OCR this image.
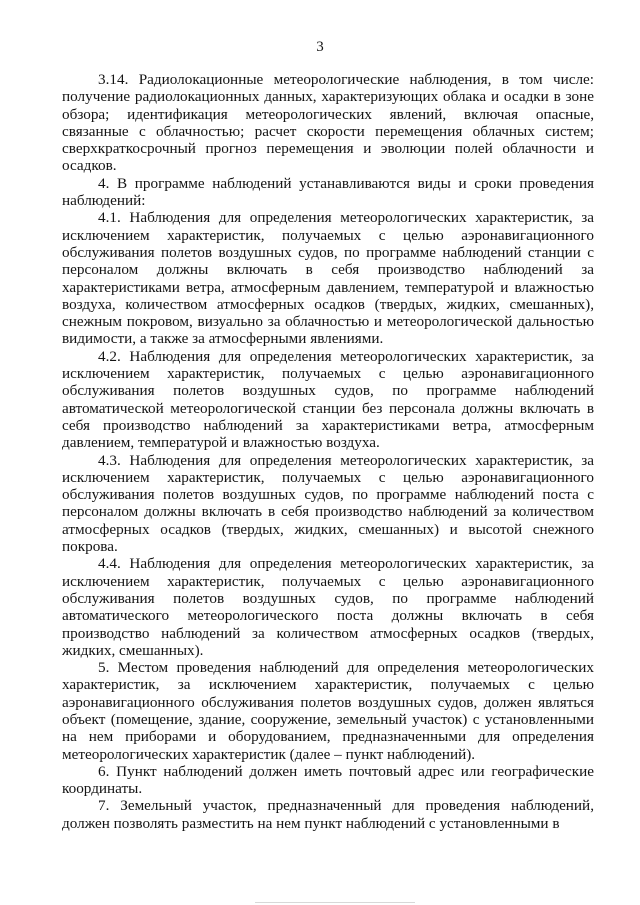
3

3.14. Радиолокационные метеорологические наблюдения, в том числе: получение радиолокационных данных, характеризующих облака и осадки в зоне обзора; идентификация метеорологических явлений, включая опасные, связанные с облачностью; расчет скорости перемещения облачных систем; сверхкраткосрочный прогноз перемещения и эволюции полей облачности и осадков.

4. В программе наблюдений устанавливаются виды и сроки проведения наблюдений:

4.1. Наблюдения для определения метеорологических характеристик, за исключением характеристик, получаемых с целью аэронавигационного обслуживания полетов воздушных судов, по программе наблюдений станции с персоналом должны включать в себя производство наблюдений за характеристиками ветра, атмосферным давлением, температурой и влажностью воздуха, количеством атмосферных осадков (твердых, жидких, смешанных), снежным покровом, визуально за облачностью и метеорологической дальностью видимости, а также за атмосферными явлениями.

4.2. Наблюдения для определения метеорологических характеристик, за исключением характеристик, получаемых с целью аэронавигационного обслуживания полетов воздушных судов, по программе наблюдений автоматической метеорологической станции без персонала должны включать в себя производство наблюдений за характеристиками ветра, атмосферным давлением, температурой и влажностью воздуха.

4.3. Наблюдения для определения метеорологических характеристик, за исключением характеристик, получаемых с целью аэронавигационного обслуживания полетов воздушных судов, по программе наблюдений поста с персоналом должны включать в себя производство наблюдений за количеством атмосферных осадков (твердых, жидких, смешанных) и высотой снежного покрова.

4.4. Наблюдения для определения метеорологических характеристик, за исключением характеристик, получаемых с целью аэронавигационного обслуживания полетов воздушных судов, по программе наблюдений автоматического метеорологического поста должны включать в себя производство наблюдений за количеством атмосферных осадков (твердых, жидких, смешанных).

5. Местом проведения наблюдений для определения метеорологических характеристик, за исключением характеристик, получаемых с целью аэронавигационного обслуживания полетов воздушных судов, должен являться объект (помещение, здание, сооружение, земельный участок) с установленными на нем приборами и оборудованием, предназначенными для определения метеорологических характеристик (далее – пункт наблюдений).

6. Пункт наблюдений должен иметь почтовый адрес или географические координаты.

7. Земельный участок, предназначенный для проведения наблюдений, должен позволять разместить на нем пункт наблюдений с установленными в
